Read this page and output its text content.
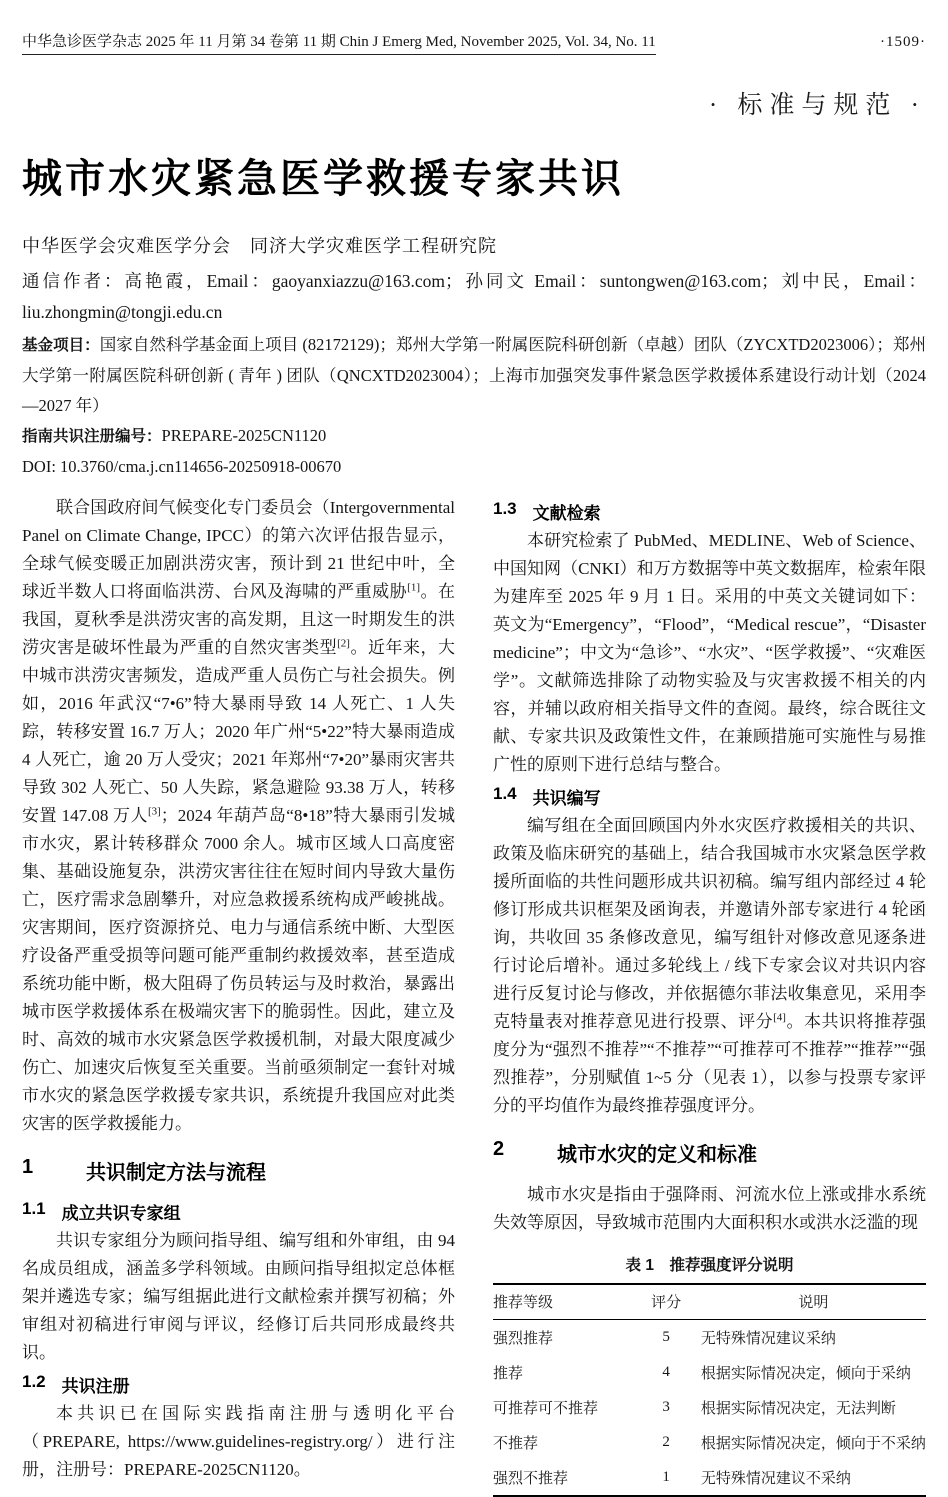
中华急诊医学杂志 2025 年 11 月第 34 卷第 11 期 Chin J Emerg Med, November 2025, Vol. 34, No. 11	·1509·
· 标准与规范 ·
城市水灾紧急医学救援专家共识
中华医学会灾难医学分会　同济大学灾难医学工程研究院
通信作者：高艳霞，Email：gaoyanxiazzu@163.com；孙同文 Email：suntongwen@163.com；刘中民，Email：liu.zhongmin@tongji.edu.cn

基金项目：国家自然科学基金面上项目 (82172129)；郑州大学第一附属医院科研创新（卓越）团队（ZYCXTD2023006）；郑州大学第一附属医院科研创新 ( 青年 ) 团队（QNCXTD2023004）；上海市加强突发事件紧急医学救援体系建设行动计划（2024—2027 年）

指南共识注册编号：PREPARE-2025CN1120

DOI: 10.3760/cma.j.cn114656-20250918-00670

联合国政府间气候变化专门委员会（Intergovernmental Panel on Climate Change, IPCC）的第六次评估报告显示，全球气候变暖正加剧洪涝灾害，预计到 21 世纪中叶，全球近半数人口将面临洪涝、台风及海啸的严重威胁[1]。在我国，夏秋季是洪涝灾害的高发期，且这一时期发生的洪涝灾害是破坏性最为严重的自然灾害类型[2]。近年来，大中城市洪涝灾害频发，造成严重人员伤亡与社会损失。例如，2016 年武汉“7•6”特大暴雨导致 14 人死亡、1 人失踪，转移安置 16.7 万人；2020 年广州“5•22”特大暴雨造成 4 人死亡，逾 20 万人受灾；2021 年郑州“7•20”暴雨灾害共导致 302 人死亡、50 人失踪，紧急避险 93.38 万人，转移安置 147.08 万人[3]；2024 年葫芦岛“8•18”特大暴雨引发城市水灾，累计转移群众 7000 余人。城市区域人口高度密集、基础设施复杂，洪涝灾害往往在短时间内导致大量伤亡，医疗需求急剧攀升，对应急救援系统构成严峻挑战。灾害期间，医疗资源挤兑、电力与通信系统中断、大型医疗设备严重受损等问题可能严重制约救援效率，甚至造成系统功能中断，极大阻碍了伤员转运与及时救治，暴露出城市医学救援体系在极端灾害下的脆弱性。因此，建立及时、高效的城市水灾紧急医学救援机制，对最大限度减少伤亡、加速灾后恢复至关重要。当前亟须制定一套针对城市水灾的紧急医学救援专家共识，系统提升我国应对此类灾害的医学救援能力。

1	共识制定方法与流程
1.1 成立共识专家组

共识专家组分为顾问指导组、编写组和外审组，由 94 名成员组成，涵盖多学科领域。由顾问指导组拟定总体框架并遴选专家；编写组据此进行文献检索并撰写初稿；外审组对初稿进行审阅与评议，经修订后共同形成最终共识。

1.2 共识注册

本共识已在国际实践指南注册与透明化平台（PREPARE, https://www.guidelines-registry.org/）进行注册，注册号：PREPARE-2025CN1120。

1.3 文献检索

本研究检索了 PubMed、MEDLINE、Web of Science、中国知网（CNKI）和万方数据等中英文数据库，检索年限为建库至 2025 年 9 月 1 日。采用的中英文关键词如下：英文为“Emergency”，“Flood”，“Medical rescue”，“Disaster medicine”；中文为“急诊”、“水灾”、“医学救援”、“灾难医学”。文献筛选排除了动物实验及与灾害救援不相关的内容，并辅以政府相关指导文件的查阅。最终，综合既往文献、专家共识及政策性文件，在兼顾措施可实施性与易推广性的原则下进行总结与整合。

1.4 共识编写

编写组在全面回顾国内外水灾医疗救援相关的共识、政策及临床研究的基础上，结合我国城市水灾紧急医学救援所面临的共性问题形成共识初稿。编写组内部经过 4 轮修订形成共识框架及函询表，并邀请外部专家进行 4 轮函询，共收回 35 条修改意见，编写组针对修改意见逐条进行讨论后增补。通过多轮线上 / 线下专家会议对共识内容进行反复讨论与修改，并依据德尔菲法收集意见，采用李克特量表对推荐意见进行投票、评分[4]。本共识将推荐强度分为“强烈不推荐”“不推荐”“可推荐可不推荐”“推荐”“强烈推荐”，分别赋值 1~5 分（见表 1），以参与投票专家评分的平均值作为最终推荐强度评分。

2	城市水灾的定义和标准

城市水灾是指由于强降雨、河流水位上涨或排水系统失效等原因，导致城市范围内大面积积水或洪水泛滥的现

表 1　推荐强度评分说明
推荐等级	评分	说明
强烈推荐	5	无特殊情况建议采纳
推荐	4	根据实际情况决定，倾向于采纳
可推荐可不推荐	3	根据实际情况决定，无法判断
不推荐	2	根据实际情况决定，倾向于不采纳
强烈不推荐	1	无特殊情况建议不采纳
